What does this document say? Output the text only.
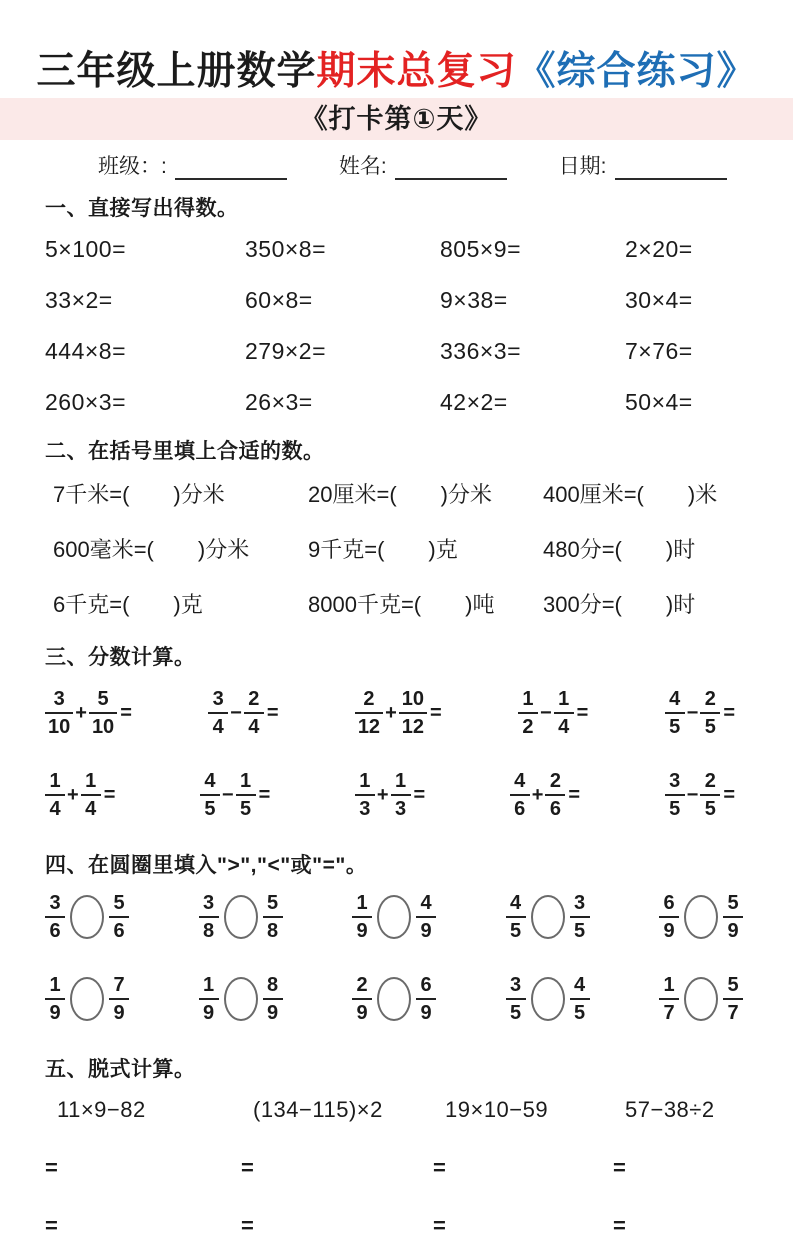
三年级上册数学期末总复习《综合练习》
《打卡第①天》
班级：:	姓名:	日期:
一、直接写出得数。
5×100=	350×8=	805×9=	2×20=
33×2=	60×8=	9×38=	30×4=
444×8=	279×2=	336×3=	7×76=
260×3=	26×3=	42×2=	50×4=
二、在括号里填上合适的数。
7千米=(　　)分米	20厘米=(　　)分米	400厘米=(　　)米
600毫米=(　　)分米	9千克=(　　)克	480分=(　　)时
6千克=(　　)克	8000千克=(　　)吨	300分=(　　)时
三、分数计算。
$\frac{3}{10} + \frac{5}{10}$ =	$\frac{3}{4} - \frac{2}{4}$ =	$\frac{2}{12} + \frac{10}{12}$ =	$\frac{1}{2} - \frac{1}{4}$ =	$\frac{4}{5} - \frac{2}{5}$ =
$\frac{1}{4} + \frac{1}{4}$ =	$\frac{4}{5} - \frac{1}{5}$ =	$\frac{1}{3} + \frac{1}{3}$ =	$\frac{4}{6} + \frac{2}{6}$ =	$\frac{3}{5} - \frac{2}{5}$ =
四、在圆圈里填入">","<"或"="。
$\frac{3}{6} \frac{5}{6}$	$\frac{3}{8} \frac{5}{8}$	$\frac{1}{9} \frac{4}{9}$	$\frac{4}{5} \frac{3}{5}$	$\frac{6}{9} \frac{5}{9}$
$\frac{1}{9} \frac{7}{9}$	$\frac{1}{9} \frac{8}{9}$	$\frac{2}{9} \frac{6}{9}$	$\frac{3}{5} \frac{4}{5}$	$\frac{1}{7} \frac{5}{7}$
五、脱式计算。
11×9−82	(134−115)×2	19×10−59	57−38÷2
=	=	=	=
=	=	=	=
